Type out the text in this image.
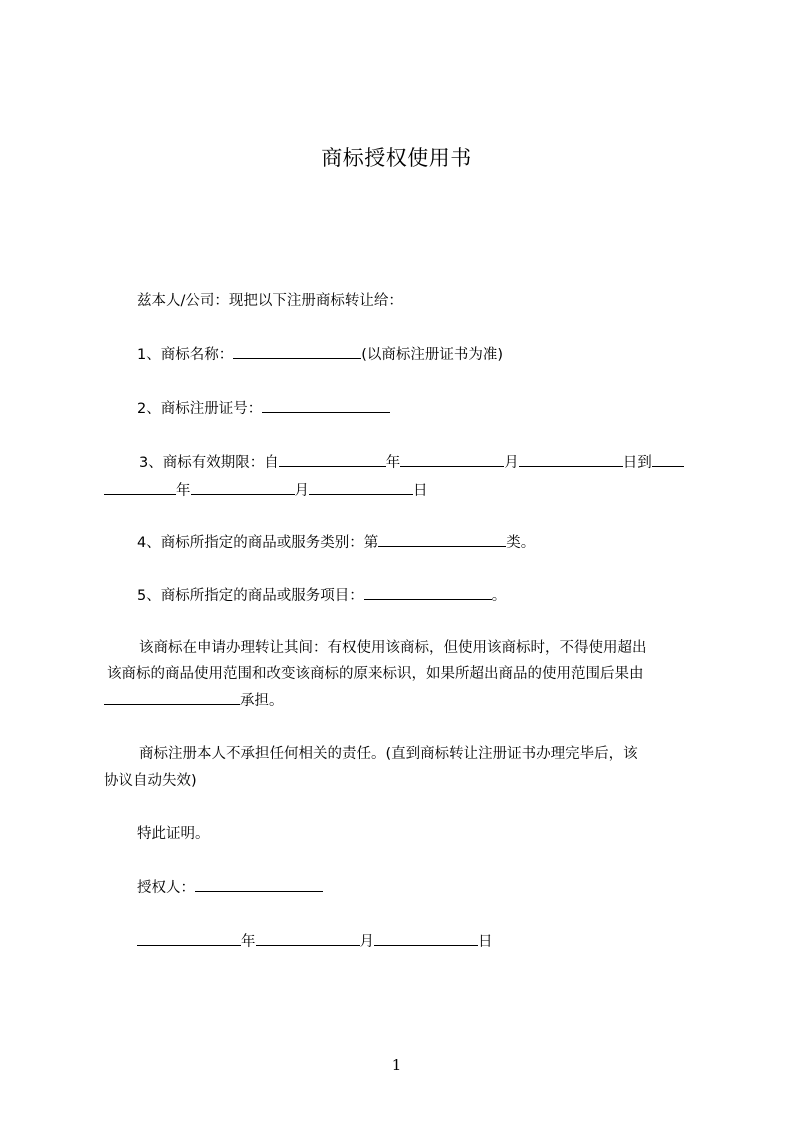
商标授权使用书
兹本人/公司：现把以下注册商标转让给：
1、商标名称：	(以商标注册证书为准)
2、商标注册证号：
3、商标有效期限：自	年	月	日到
年	月	日
4、商标所指定的商品或服务类别：第	类。
5、商标所指定的商品或服务项目：	。
该商标在申请办理转让其间：有权使用该商标，但使用该商标时，不得使用超出
该商标的商品使用范围和改变该商标的原来标识，如果所超出商品的使用范围后果由
承担。
商标注册本人不承担任何相关的责任。(直到商标转让注册证书办理完毕后，该
协议自动失效)
特此证明。
授权人：
年	月	日
1
